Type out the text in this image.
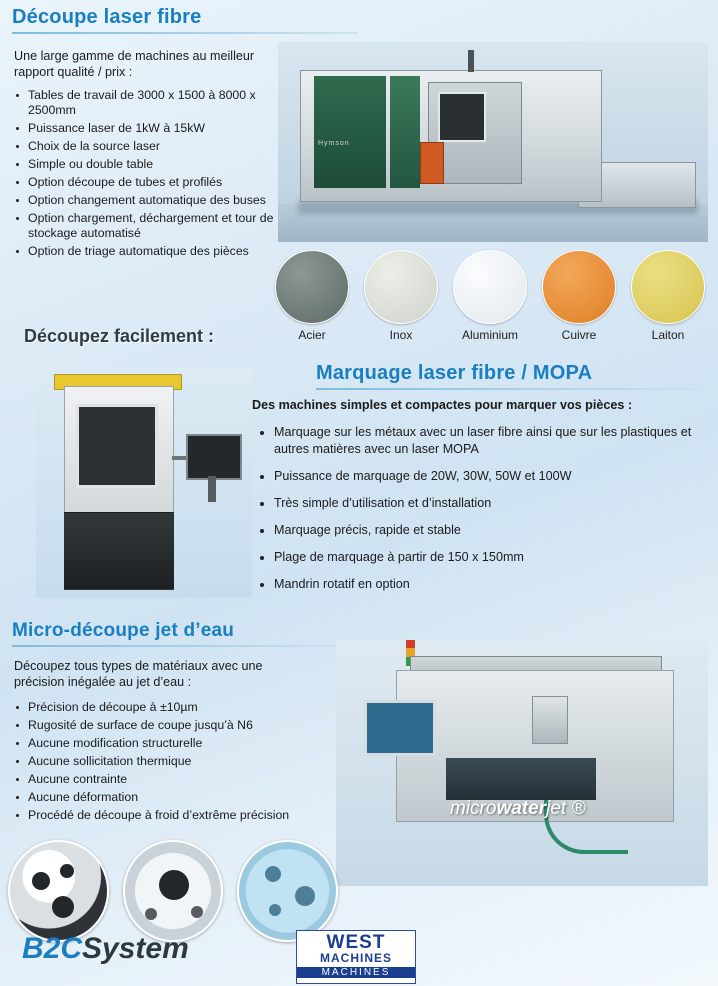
Découpe laser fibre
Une large gamme de machines au meilleur rapport qualité / prix :
Tables de travail de 3000 x 1500 à 8000 x 2500mm
Puissance laser de 1kW à 15kW
Choix de la source laser
Simple ou double table
Option découpe de tubes et profilés
Option changement automatique des buses
Option chargement, déchargement et tour de stockage automatisé
Option de triage automatique des pièces
Hymson
Acier	Inox	Aluminium	Cuivre	Laiton
Découpez facilement :
Marquage laser fibre / MOPA
Des machines simples et compactes pour marquer vos pièces :
Marquage sur les métaux avec un laser fibre ainsi que sur les plastiques et autres matières avec un laser MOPA
Puissance de marquage de 20W, 30W, 50W et 100W
Très simple d’utilisation et d’installation
Marquage précis, rapide et stable
Plage de marquage à partir de 150 x 150mm
Mandrin rotatif en option
Micro-découpe jet d’eau
Découpez tous types de matériaux avec une précision inégalée au jet d’eau :
Précision de découpe à ±10µm
Rugosité de surface de coupe jusqu’à N6
Aucune modification structurelle
Aucune sollicitation thermique
Aucune contrainte
Aucune déformation
Procédé de découpe à froid d’extrême précision	microwaterjet ®
by Daetwyler
B2CSystem	WEST
MACHINES
MACHINES
